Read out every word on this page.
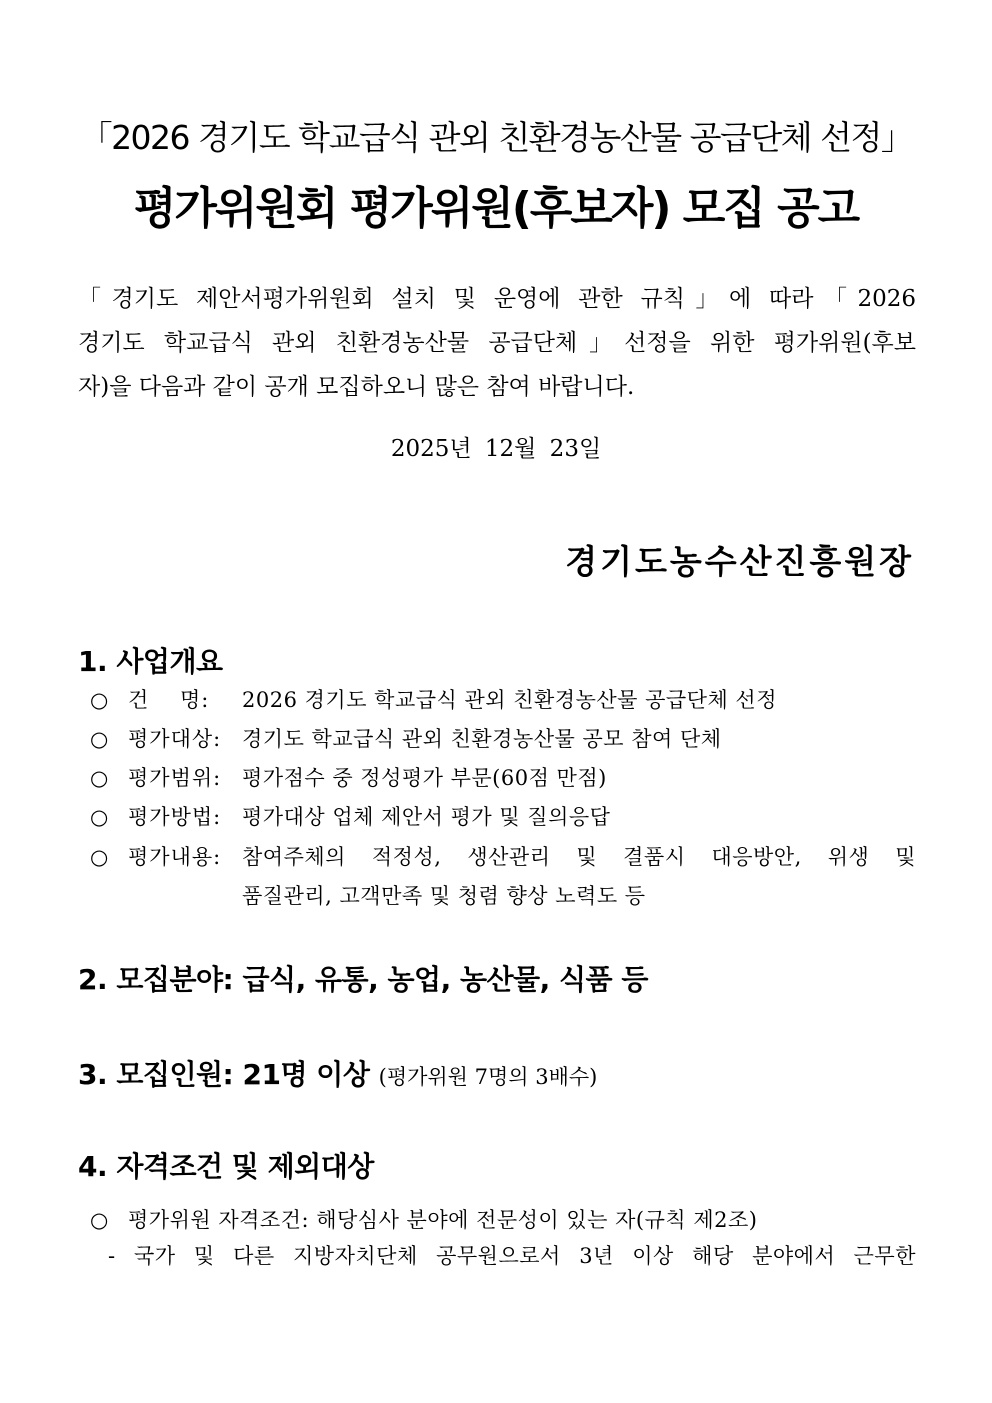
「2026 경기도 학교급식 관외 친환경농산물 공급단체 선정」
평가위원회 평가위원(후보자) 모집 공고
「경기도 제안서평가위원회 설치 및 운영에 관한 규칙」에 따라「2026
경기도 학교급식 관외 친환경농산물 공급단체」선정을 위한 평가위원(후보
자)을 다음과 같이 공개 모집하오니 많은 참여 바랍니다.
2025년 12월 23일
경기도농수산진흥원장
1. 사업개요
○ 건    명: 2026 경기도 학교급식 관외 친환경농산물 공급단체 선정
○ 평가대상: 경기도 학교급식 관외 친환경농산물 공모 참여 단체
○ 평가범위: 평가점수 중 정성평가 부문(60점 만점)
○ 평가방법: 평가대상 업체 제안서 평가 및 질의응답
○ 평가내용: 참여주체의 적정성, 생산관리 및 결품시 대응방안, 위생 및
품질관리, 고객만족 및 청렴 향상 노력도 등
2. 모집분야: 급식, 유통, 농업, 농산물, 식품 등
3. 모집인원: 21명 이상 (평가위원 7명의 3배수)
4. 자격조건 및 제외대상
○ 평가위원 자격조건: 해당심사 분야에 전문성이 있는 자(규칙 제2조)
- 국가 및 다른 지방자치단체 공무원으로서 3년 이상 해당 분야에서 근무한
